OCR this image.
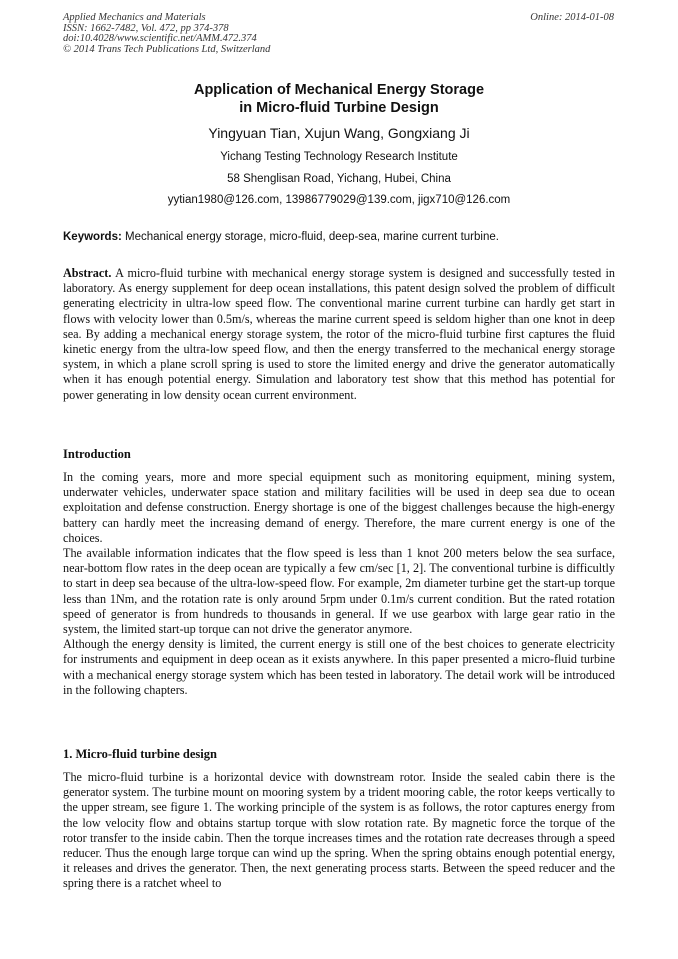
Applied Mechanics and Materials
ISSN: 1662-7482, Vol. 472, pp 374-378
doi:10.4028/www.scientific.net/AMM.472.374
© 2014 Trans Tech Publications Ltd, Switzerland
Online: 2014-01-08
Application of Mechanical Energy Storage
in Micro-fluid Turbine Design
Yingyuan Tian, Xujun Wang, Gongxiang Ji
Yichang Testing Technology Research Institute
58 Shenglisan Road, Yichang, Hubei, China
yytian1980@126.com, 13986779029@139.com, jigx710@126.com
Keywords: Mechanical energy storage, micro-fluid, deep-sea, marine current turbine.

Abstract. A micro-fluid turbine with mechanical energy storage system is designed and successfully tested in laboratory. As energy supplement for deep ocean installations, this patent design solved the problem of difficult generating electricity in ultra-low speed flow. The conventional marine current turbine can hardly get start in flows with velocity lower than 0.5m/s, whereas the marine current speed is seldom higher than one knot in deep sea. By adding a mechanical energy storage system, the rotor of the micro-fluid turbine first captures the fluid kinetic energy from the ultra-low speed flow, and then the energy transferred to the mechanical energy storage system, in which a plane scroll spring is used to store the limited energy and drive the generator automatically when it has enough potential energy. Simulation and laboratory test show that this method has potential for power generating in low density ocean current environment.

Introduction

In the coming years, more and more special equipment such as monitoring equipment, mining system, underwater vehicles, underwater space station and military facilities will be used in deep sea due to ocean exploitation and defense construction. Energy shortage is one of the biggest challenges because the high-energy battery can hardly meet the increasing demand of energy. Therefore, the mare current energy is one of the choices.

The available information indicates that the flow speed is less than 1 knot 200 meters below the sea surface, near-bottom flow rates in the deep ocean are typically a few cm/sec [1, 2]. The conventional turbine is difficultly to start in deep sea because of the ultra-low-speed flow. For example, 2m diameter turbine get the start-up torque less than 1Nm, and the rotation rate is only around 5rpm under 0.1m/s current condition. But the rated rotation speed of generator is from hundreds to thousands in general. If we use gearbox with large gear ratio in the system, the limited start-up torque can not drive the generator anymore.

Although the energy density is limited, the current energy is still one of the best choices to generate electricity for instruments and equipment in deep ocean as it exists anywhere. In this paper presented a micro-fluid turbine with a mechanical energy storage system which has been tested in laboratory. The detail work will be introduced in the following chapters.

1. Micro-fluid turbine design

The micro-fluid turbine is a horizontal device with downstream rotor. Inside the sealed cabin there is the generator system. The turbine mount on mooring system by a trident mooring cable, the rotor keeps vertically to the upper stream, see figure 1. The working principle of the system is as follows, the rotor captures energy from the low velocity flow and obtains startup torque with slow rotation rate. By magnetic force the torque of the rotor transfer to the inside cabin. Then the torque increases times and the rotation rate decreases through a speed reducer. Thus the enough large torque can wind up the spring. When the spring obtains enough potential energy, it releases and drives the generator. Then, the next generating process starts. Between the speed reducer and the spring there is a ratchet wheel to
